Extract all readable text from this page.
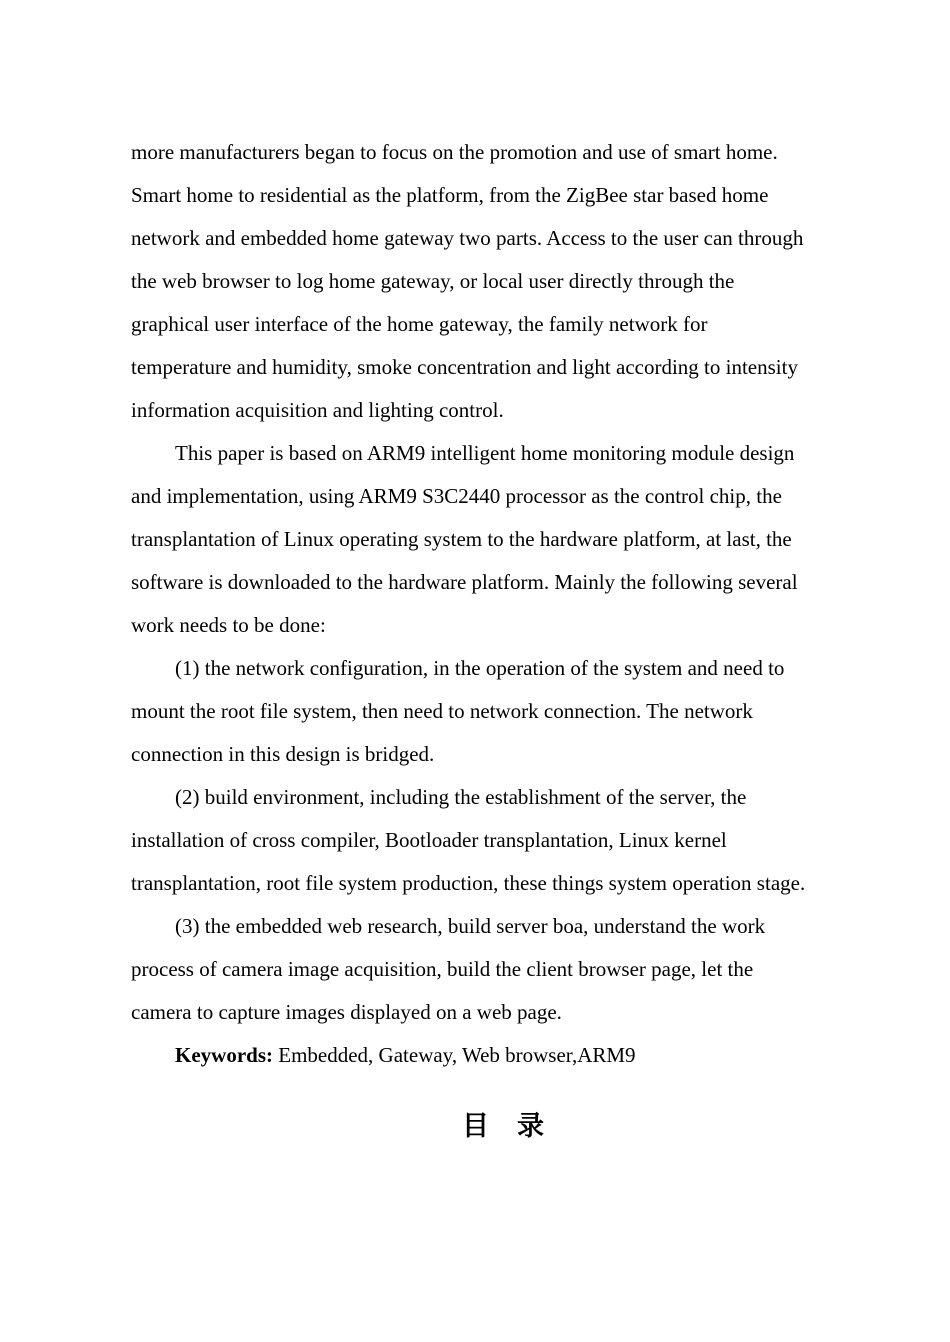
more manufacturers began to focus on the promotion and use of smart home.
Smart home to residential as the platform, from the ZigBee star based home
network and embedded home gateway two parts. Access to the user can through
the web browser to log home gateway, or local user directly through the
graphical user interface of the home gateway, the family network for
temperature and humidity, smoke concentration and light according to intensity
information acquisition and lighting control.
This paper is based on ARM9 intelligent home monitoring module design
and implementation, using ARM9 S3C2440 processor as the control chip, the
transplantation of Linux operating system to the hardware platform, at last, the
software is downloaded to the hardware platform. Mainly the following several
work needs to be done:
(1) the network configuration, in the operation of the system and need to
mount the root file system, then need to network connection. The network
connection in this design is bridged.
(2) build environment, including the establishment of the server, the
installation of cross compiler, Bootloader transplantation, Linux kernel
transplantation, root file system production, these things system operation stage.
(3) the embedded web research, build server boa, understand the work
process of camera image acquisition, build the client browser page, let the
camera to capture images displayed on a web page.
Keywords: Embedded, Gateway, Web browser,ARM9
目录
